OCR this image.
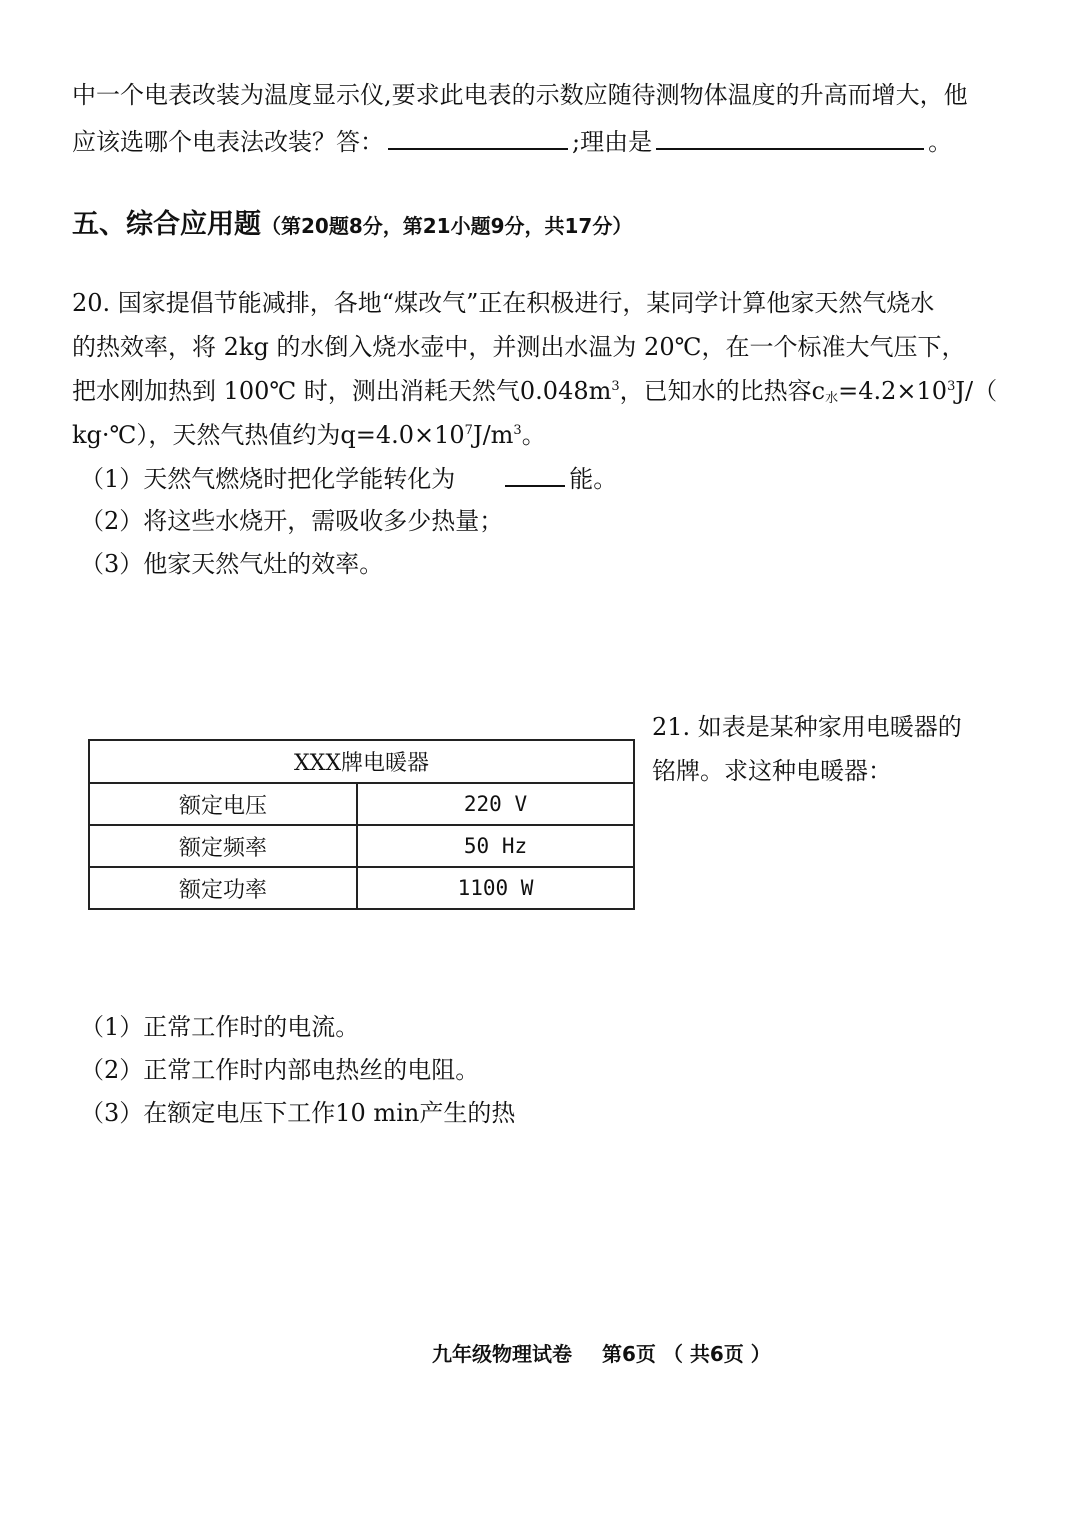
中一个电表改装为温度显示仪,要求此电表的示数应随待测物体温度的升高而增大，他
应该选哪个电表法改装？答：	;理由是	。
五、综合应用题（第20题8分，第21小题9分，共17分）
20. 国家提倡节能减排，各地“煤改气”正在积极进行，某同学计算他家天然气烧水
的热效率，将 2kg 的水倒入烧水壶中，并测出水温为 20℃，在一个标准大气压下，
把水刚加热到 100℃ 时，测出消耗天然气$0.048m^3$，已知水的比热容$c_水=4.2\times 10^3J/$（
kg·℃），天然气热值约为$q=4.0\times 10^7J/m^3$。
（1）天然气燃烧时把化学能转化为	能。
（2）将这些水烧开，需吸收多少热量；
（3）他家天然气灶的效率。
21. 如表是某种家用电暖器的
铭牌。求这种电暖器：
XXX牌电暖器	
额定电压	220 V
额定频率	50 Hz
额定功率	1100 W
（1）正常工作时的电流。
（2）正常工作时内部电热丝的电阻。
（3）在额定电压下工作10 min产生的热
九年级物理试卷 第6页 （ 共6页 ）
